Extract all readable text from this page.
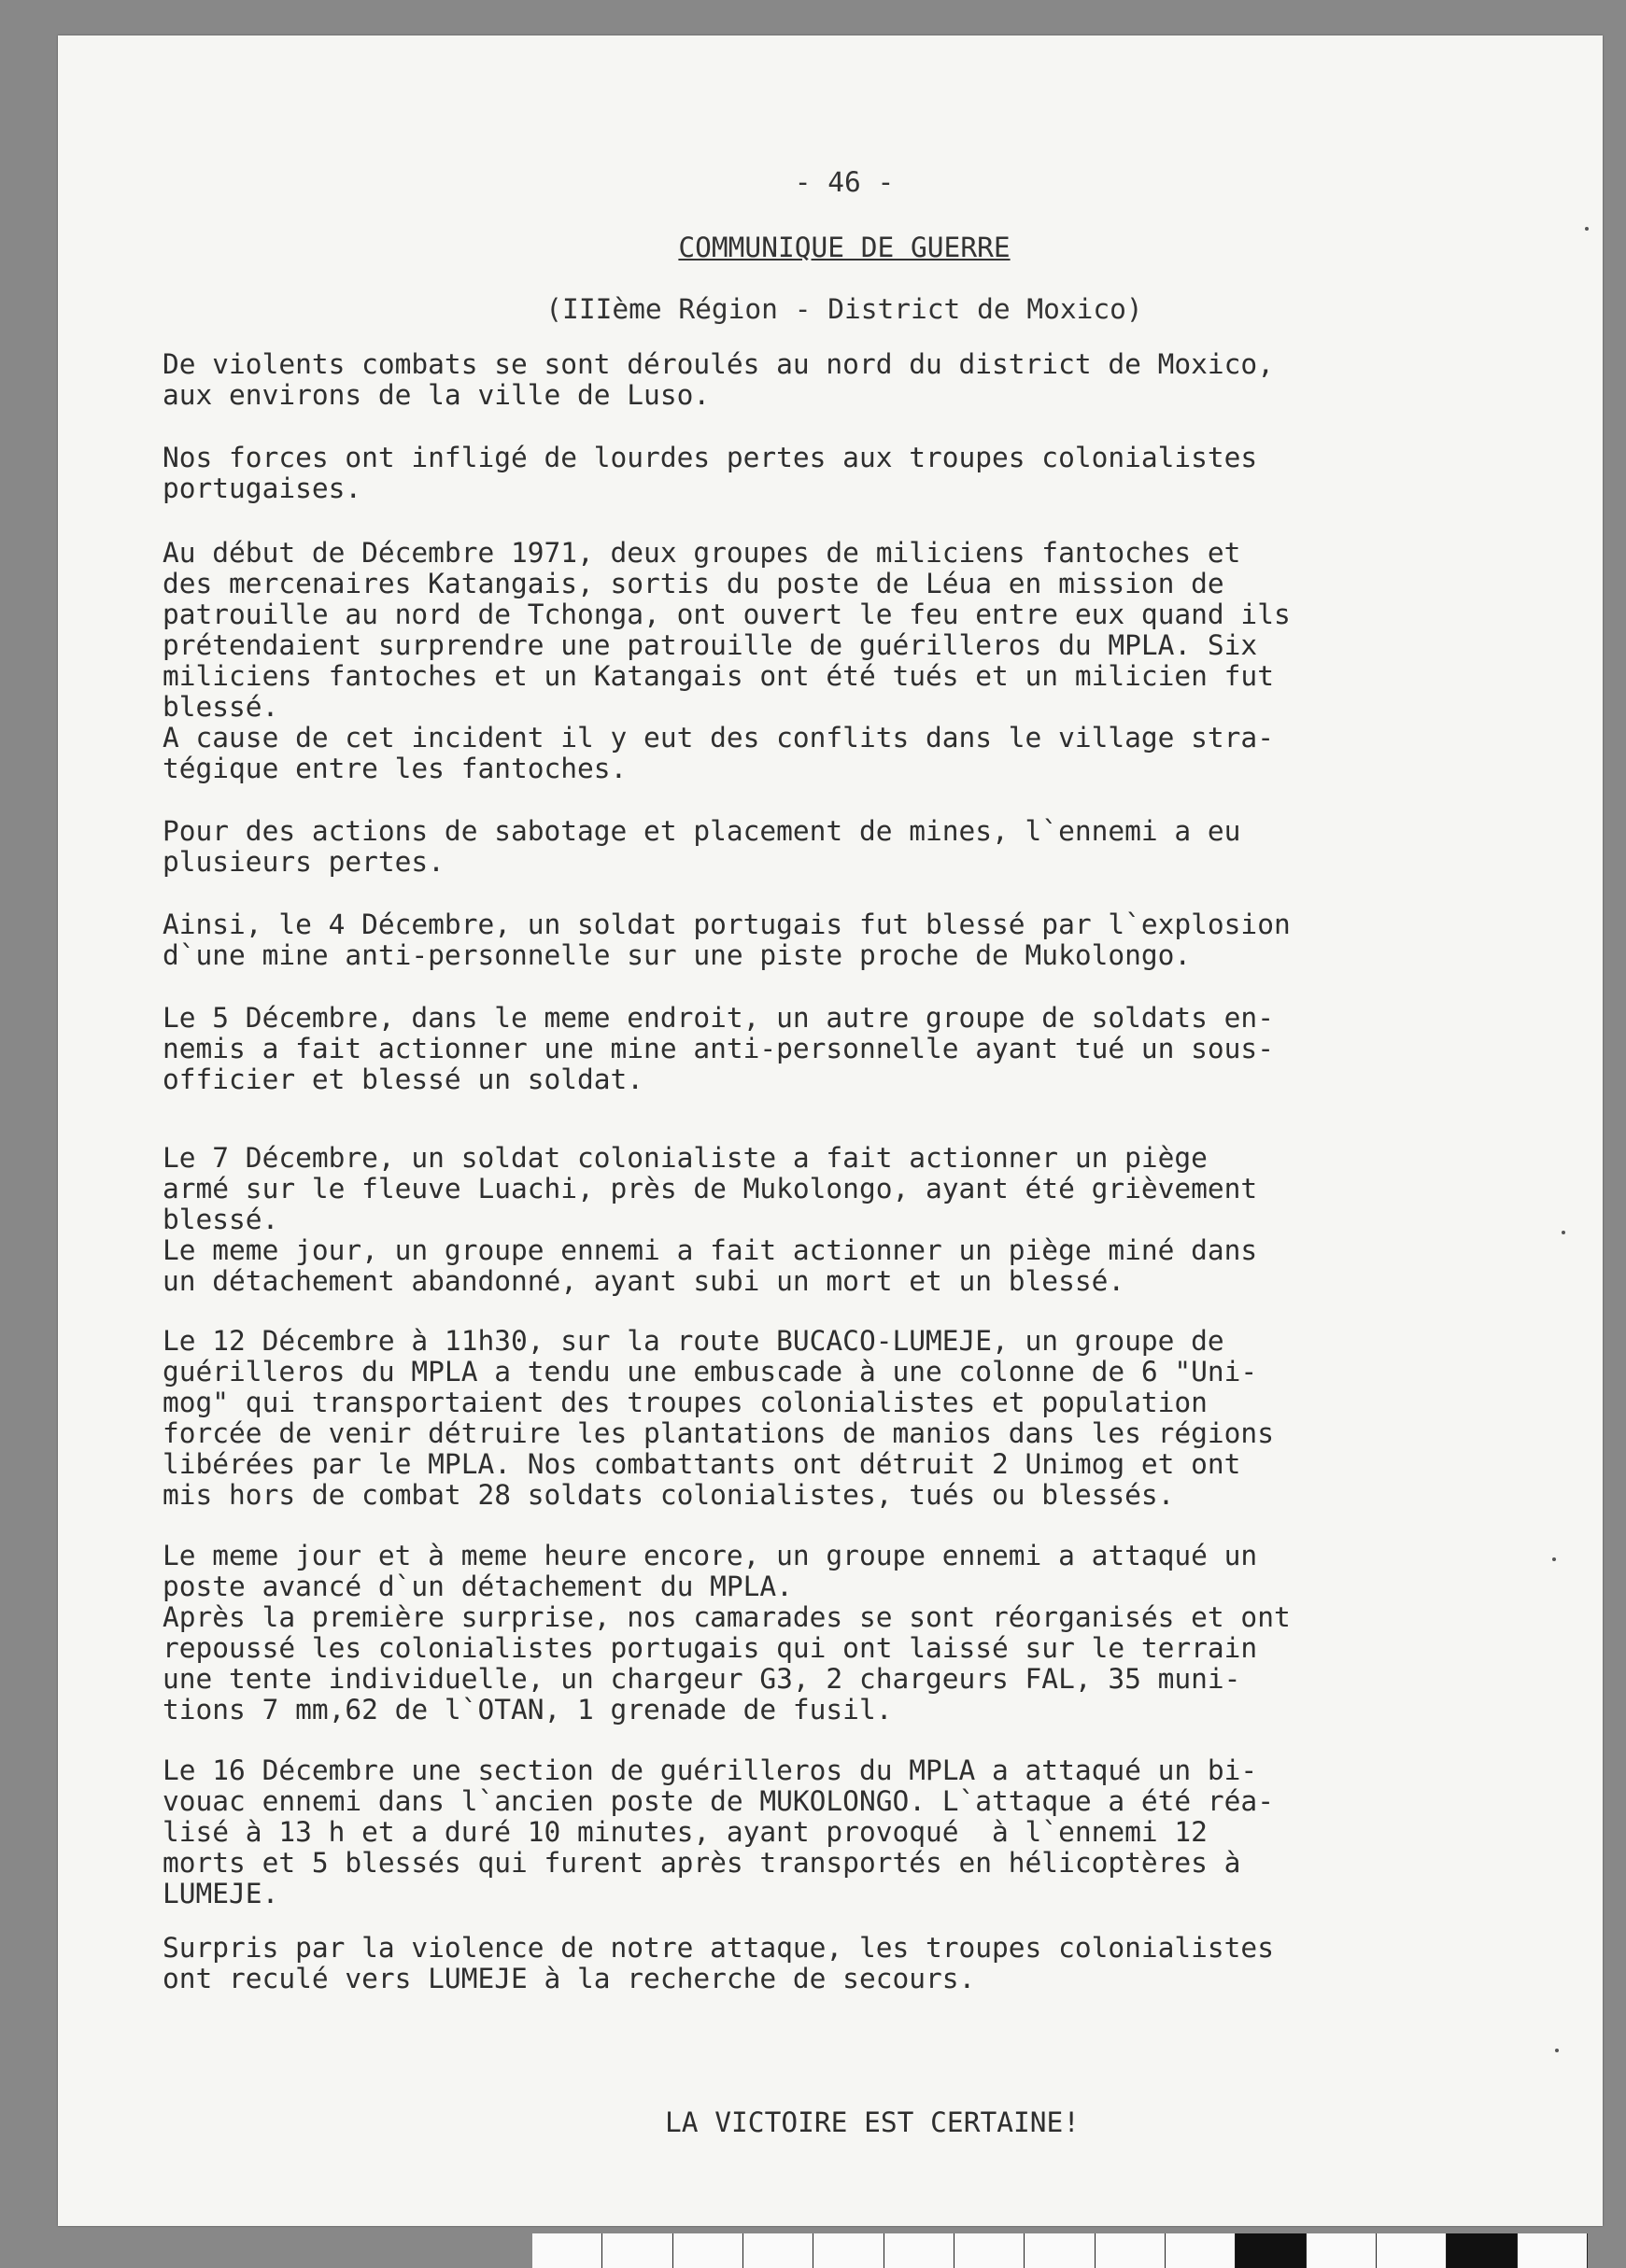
- 46 -
COMMUNIQUE DE GUERRE
(IIIème Région - District de Moxico)
De violents combats se sont déroulés au nord du district de Moxico,
aux environs de la ville de Luso.
Nos forces ont infligé de lourdes pertes aux troupes colonialistes
portugaises.
Au début de Décembre 1971, deux groupes de miliciens fantoches et
des mercenaires Katangais, sortis du poste de Léua en mission de
patrouille au nord de Tchonga, ont ouvert le feu entre eux quand ils
prétendaient surprendre une patrouille de guérilleros du MPLA. Six
miliciens fantoches et un Katangais ont été tués et un milicien fut
blessé.
A cause de cet incident il y eut des conflits dans le village stra-
tégique entre les fantoches.
Pour des actions de sabotage et placement de mines, l`ennemi a eu
plusieurs pertes.
Ainsi, le 4 Décembre, un soldat portugais fut blessé par l`explosion
d`une mine anti-personnelle sur une piste proche de Mukolongo.
Le 5 Décembre, dans le meme endroit, un autre groupe de soldats en-
nemis a fait actionner une mine anti-personnelle ayant tué un sous-
officier et blessé un soldat.
Le 7 Décembre, un soldat colonialiste a fait actionner un piège
armé sur le fleuve Luachi, près de Mukolongo, ayant été grièvement
blessé.
Le meme jour, un groupe ennemi a fait actionner un piège miné dans
un détachement abandonné, ayant subi un mort et un blessé.
Le 12 Décembre à 11h30, sur la route BUCACO-LUMEJE, un groupe de
guérilleros du MPLA a tendu une embuscade à une colonne de 6 "Uni-
mog" qui transportaient des troupes colonialistes et population
forcée de venir détruire les plantations de manios dans les régions
libérées par le MPLA. Nos combattants ont détruit 2 Unimog et ont
mis hors de combat 28 soldats colonialistes, tués ou blessés.
Le meme jour et à meme heure encore, un groupe ennemi a attaqué un
poste avancé d`un détachement du MPLA.
Après la première surprise, nos camarades se sont réorganisés et ont
repoussé les colonialistes portugais qui ont laissé sur le terrain
une tente individuelle, un chargeur G3, 2 chargeurs FAL, 35 muni-
tions 7 mm,62 de l`OTAN, 1 grenade de fusil.
Le 16 Décembre une section de guérilleros du MPLA a attaqué un bi-
vouac ennemi dans l`ancien poste de MUKOLONGO. L`attaque a été réa-
lisé à 13 h et a duré 10 minutes, ayant provoqué  à l`ennemi 12
morts et 5 blessés qui furent après transportés en hélicoptères à
LUMEJE.
Surpris par la violence de notre attaque, les troupes colonialistes
ont reculé vers LUMEJE à la recherche de secours.
LA VICTOIRE EST CERTAINE!
